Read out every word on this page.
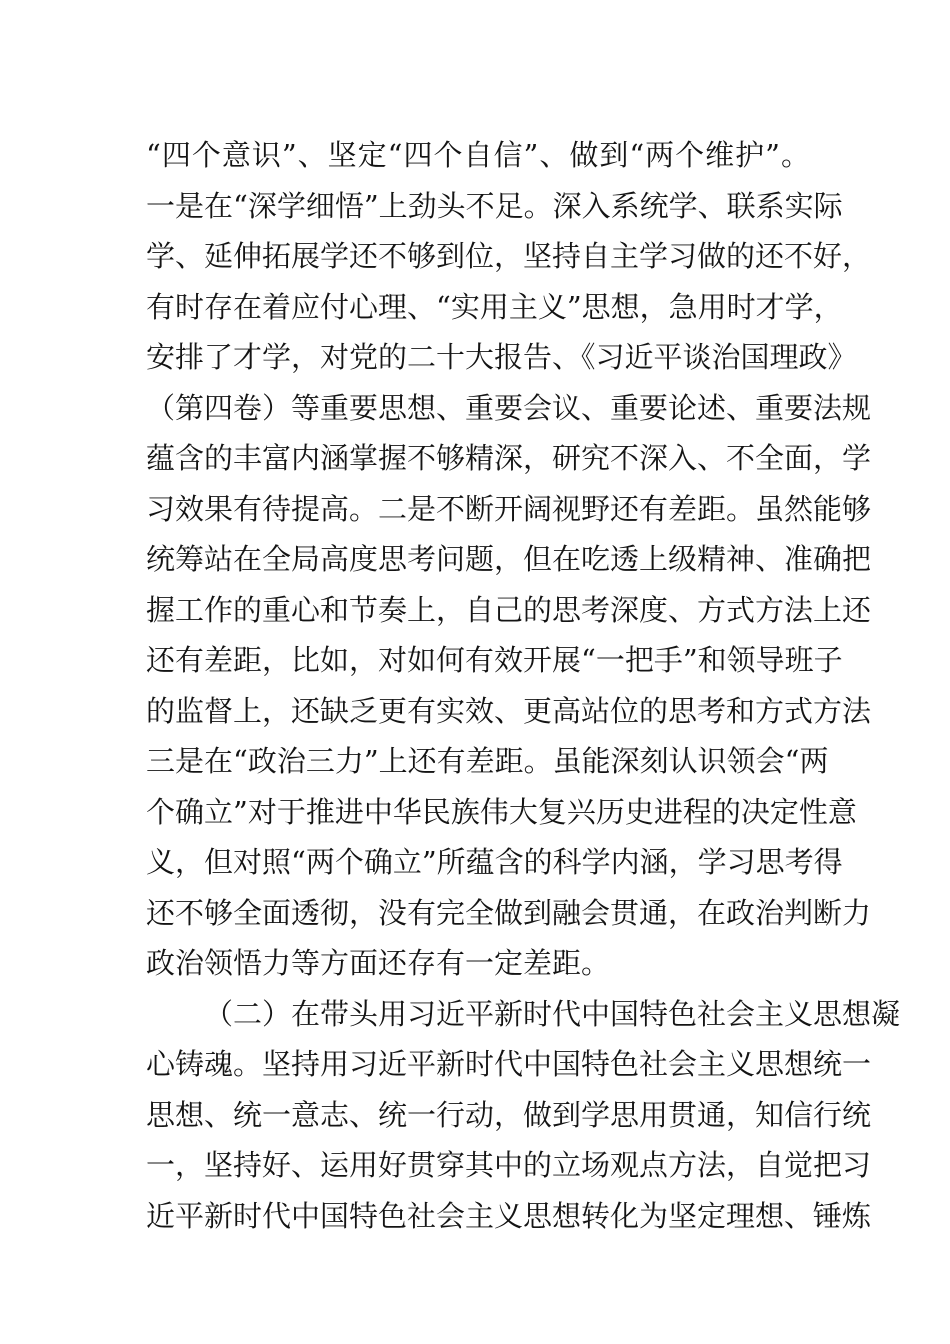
“四个意识”、坚定“四个自信”、做到“两个维护”。
一是在“深学细悟”上劲头不足。深入系统学、联系实际
学、延伸拓展学还不够到位，坚持自主学习做的还不好，
有时存在着应付心理、“实用主义”思想，急用时才学，
安排了才学，对党的二十大报告、《习近平谈治国理政》
（第四卷）等重要思想、重要会议、重要论述、重要法规
蕴含的丰富内涵掌握不够精深，研究不深入、不全面，学
习效果有待提高。二是不断开阔视野还有差距。虽然能够
统筹站在全局高度思考问题，但在吃透上级精神、准确把
握工作的重心和节奏上，自己的思考深度、方式方法上还
还有差距，比如，对如何有效开展“一把手”和领导班子
的监督上，还缺乏更有实效、更高站位的思考和方式方法
三是在“政治三力”上还有差距。虽能深刻认识领会“两
个确立”对于推进中华民族伟大复兴历史进程的决定性意
义，但对照“两个确立”所蕴含的科学内涵，学习思考得
还不够全面透彻，没有完全做到融会贯通，在政治判断力
政治领悟力等方面还存有一定差距。
（二）在带头用习近平新时代中国特色社会主义思想凝
心铸魂。坚持用习近平新时代中国特色社会主义思想统一
思想、统一意志、统一行动，做到学思用贯通，知信行统
一，坚持好、运用好贯穿其中的立场观点方法，自觉把习
近平新时代中国特色社会主义思想转化为坚定理想、锤炼
